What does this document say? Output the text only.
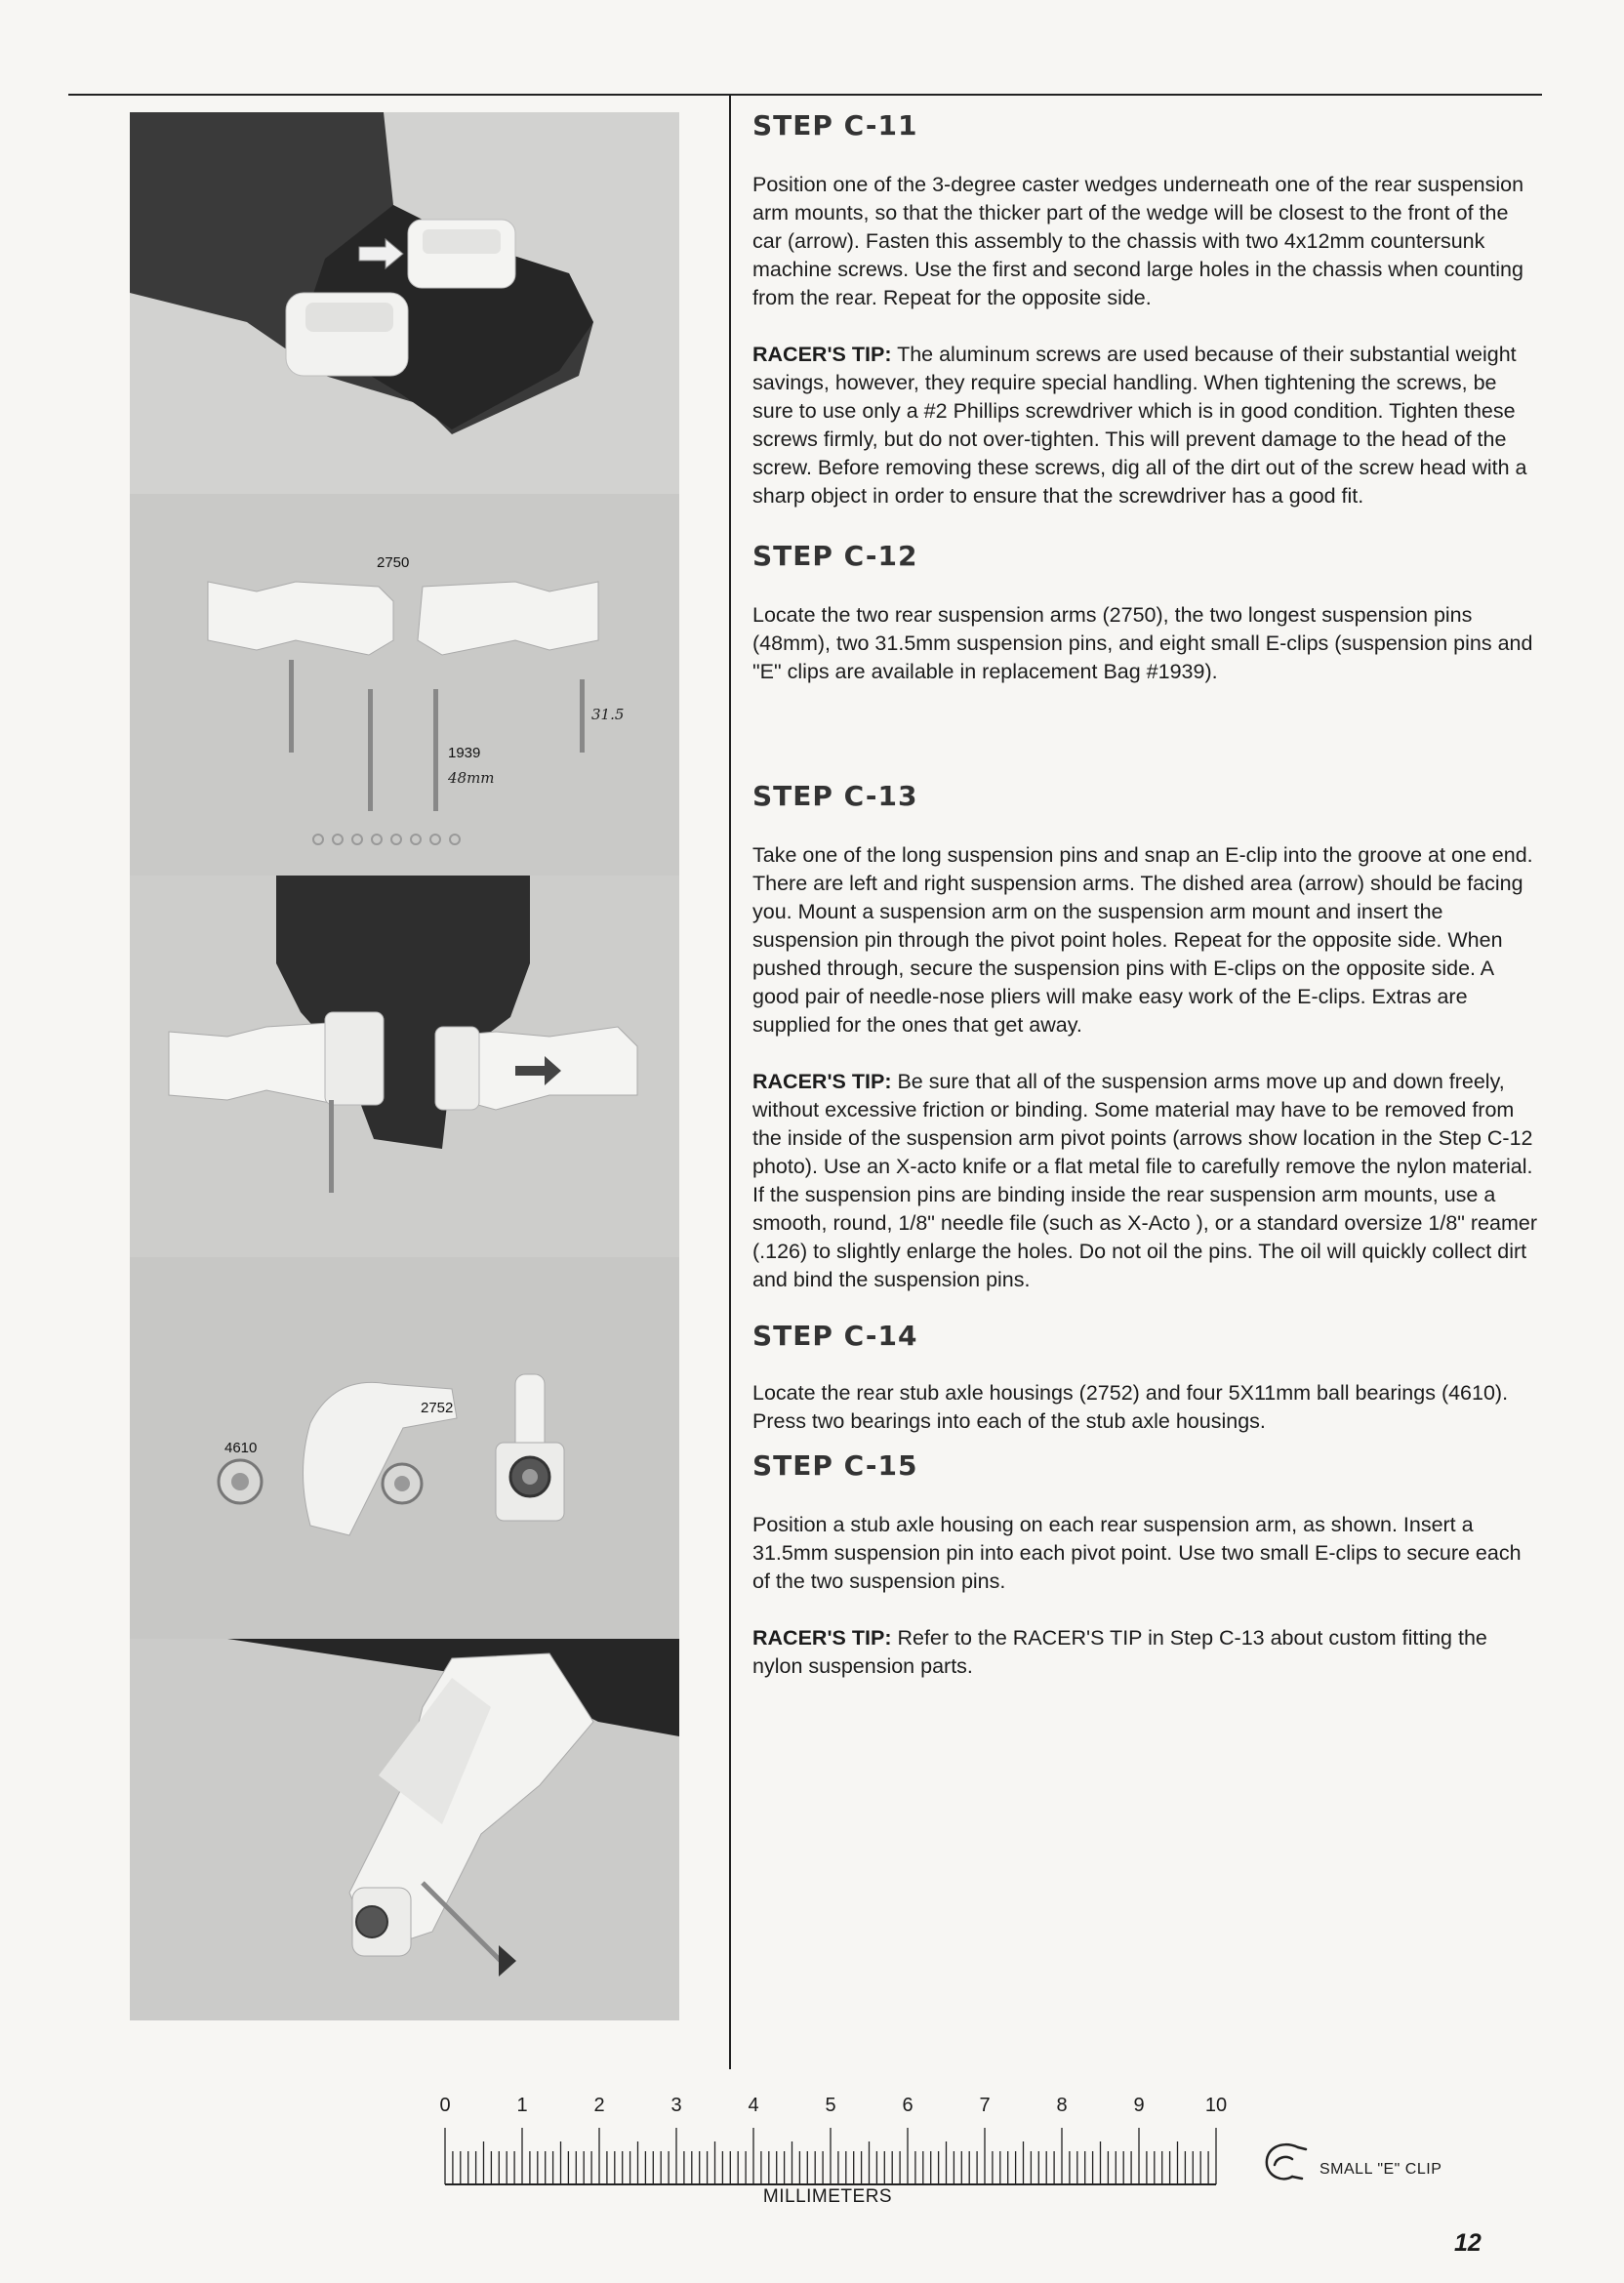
2750
1939
31.5
48mm
2752
4610
STEP C-11

Position one of the 3-degree caster wedges underneath one of the rear suspension arm mounts, so that the thicker part of the wedge will be closest to the front of the car (arrow). Fasten this assembly to the chassis with two 4x12mm countersunk machine screws. Use the first and second large holes in the chassis when counting from the rear. Repeat for the opposite side.

RACER'S TIP: The aluminum screws are used because of their substantial weight savings, however, they require special handling. When tightening the screws, be sure to use only a #2 Phillips screwdriver which is in good condition. Tighten these screws firmly, but do not over-tighten. This will prevent damage to the head of the screw. Before removing these screws, dig all of the dirt out of the screw head with a sharp object in order to ensure that the screwdriver has a good fit.

STEP C-12

Locate the two rear suspension arms (2750), the two longest suspension pins (48mm), two 31.5mm suspension pins, and eight small E-clips (suspension pins and "E" clips are available in replacement Bag #1939).

STEP C-13

Take one of the long suspension pins and snap an E-clip into the groove at one end. There are left and right suspension arms. The dished area (arrow) should be facing you. Mount a suspension arm on the suspension arm mount and insert the suspension pin through the pivot point holes. Repeat for the opposite side. When pushed through, secure the suspension pins with E-clips on the opposite side. A good pair of needle-nose pliers will make easy work of the E-clips. Extras are supplied for the ones that get away.

RACER'S TIP: Be sure that all of the suspension arms move up and down freely, without excessive friction or binding. Some material may have to be removed from the inside of the suspension arm pivot points (arrows show location in the Step C-12 photo). Use an X-acto knife or a flat metal file to carefully remove the nylon material. If the suspension pins are binding inside the rear suspension arm mounts, use a smooth, round, 1/8" needle file (such as X-Acto ), or a standard oversize 1/8" reamer (.126) to slightly enlarge the holes. Do not oil the pins. The oil will quickly collect dirt and bind the suspension pins.

STEP C-14

Locate the rear stub axle housings (2752) and four 5X11mm ball bearings (4610). Press two bearings into each of the stub axle housings.

STEP C-15

Position a stub axle housing on each rear suspension arm, as shown. Insert a 31.5mm suspension pin into each pivot point. Use two small E-clips to secure each of the two suspension pins.

RACER'S TIP: Refer to the RACER'S TIP in Step C-13 about custom fitting the nylon suspension parts.

0	1	2	3	4	5	6	7	8	9	10
MILLIMETERS
SMALL "E" CLIP
12
